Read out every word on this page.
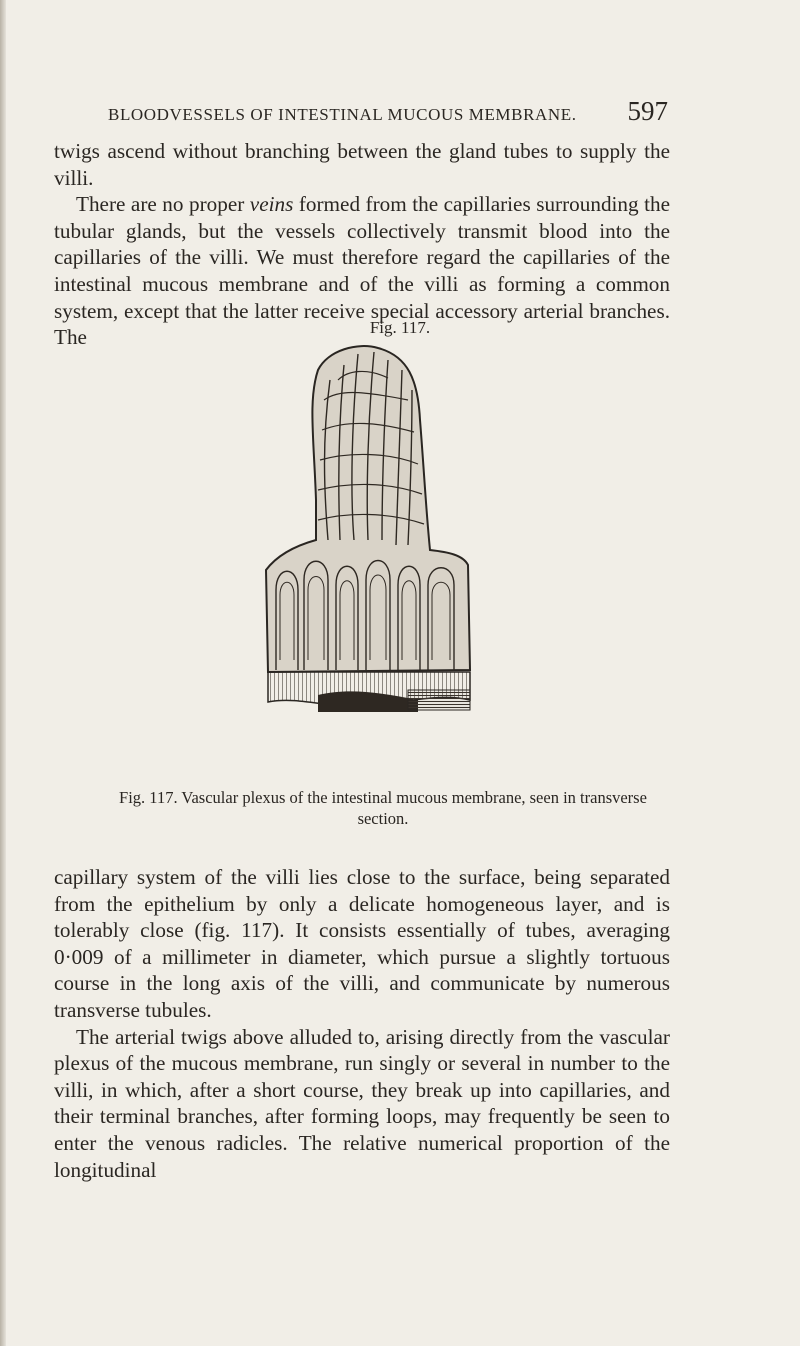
BLOODVESSELS OF INTESTINAL MUCOUS MEMBRANE. 597

twigs ascend without branching between the gland tubes to supply the villi.

There are no proper veins formed from the capillaries surrounding the tubular glands, but the vessels collectively transmit blood into the capillaries of the villi. We must therefore regard the capillaries of the intestinal mucous membrane and of the villi as forming a common system, except that the latter receive special accessory arterial branches. The	Fig. 117.
Fig. 117. Vascular plexus of the intestinal mucous membrane, seen in transverse section.

capillary system of the villi lies close to the surface, being separated from the epithelium by only a delicate homogeneous layer, and is tolerably close (fig. 117). It consists essentially of tubes, averaging 0·009 of a millimeter in diameter, which pursue a slightly tortuous course in the long axis of the villi, and communicate by numerous transverse tubules.

The arterial twigs above alluded to, arising directly from the vascular plexus of the mucous membrane, run singly or several in number to the villi, in which, after a short course, they break up into capillaries, and their terminal branches, after forming loops, may frequently be seen to enter the venous radicles. The relative numerical proportion of the longitudinal
